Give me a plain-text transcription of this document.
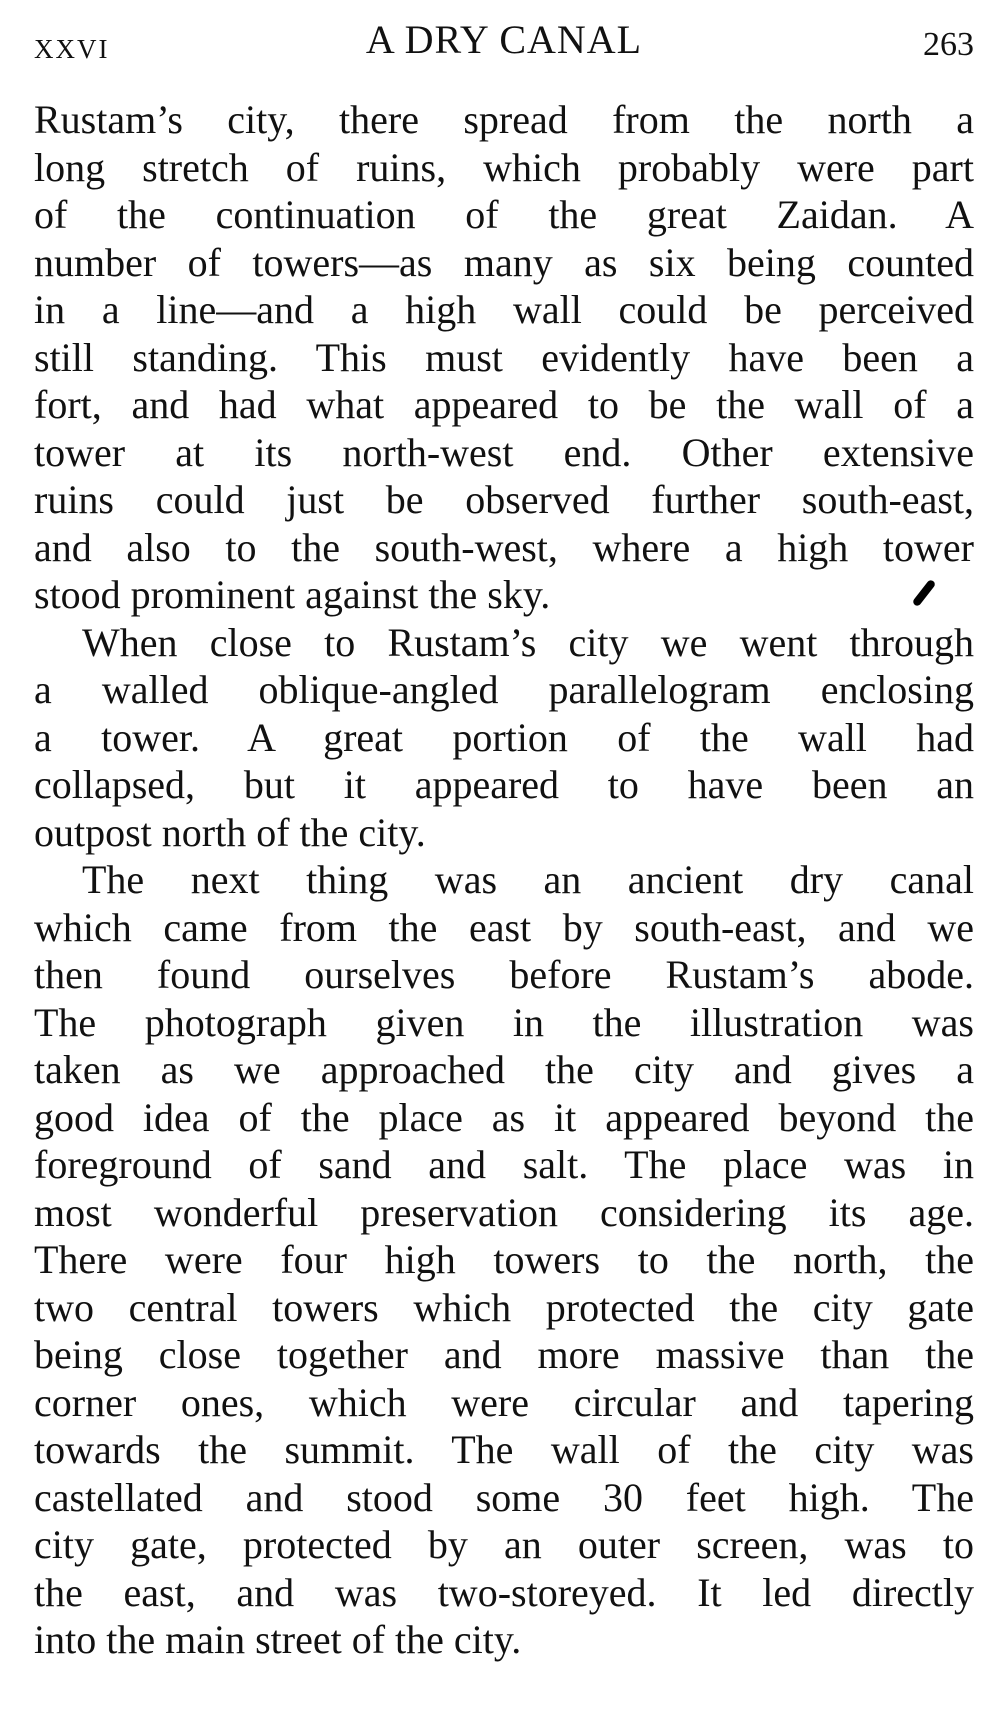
XXVI	A DRY CANAL	263
Rustam’s city, there spread from the north a
long stretch of ruins, which probably were part
of the continuation of the great Zaidan. A
number of towers—as many as six being counted
in a line—and a high wall could be perceived
still standing. This must evidently have been a
fort, and had what appeared to be the wall of a
tower at its north-west end. Other extensive
ruins could just be observed further south-east,
and also to the south-west, where a high tower
stood prominent against the sky.
When close to Rustam’s city we went through
a walled oblique-angled parallelogram enclosing
a tower. A great portion of the wall had
collapsed, but it appeared to have been an
outpost north of the city.
The next thing was an ancient dry canal
which came from the east by south-east, and we
then found ourselves before Rustam’s abode.
The photograph given in the illustration was
taken as we approached the city and gives a
good idea of the place as it appeared beyond the
foreground of sand and salt. The place was in
most wonderful preservation considering its age.
There were four high towers to the north, the
two central towers which protected the city gate
being close together and more massive than the
corner ones, which were circular and tapering
towards the summit. The wall of the city was
castellated and stood some 30 feet high. The
city gate, protected by an outer screen, was to
the east, and was two-storeyed. It led directly
into the main street of the city.
